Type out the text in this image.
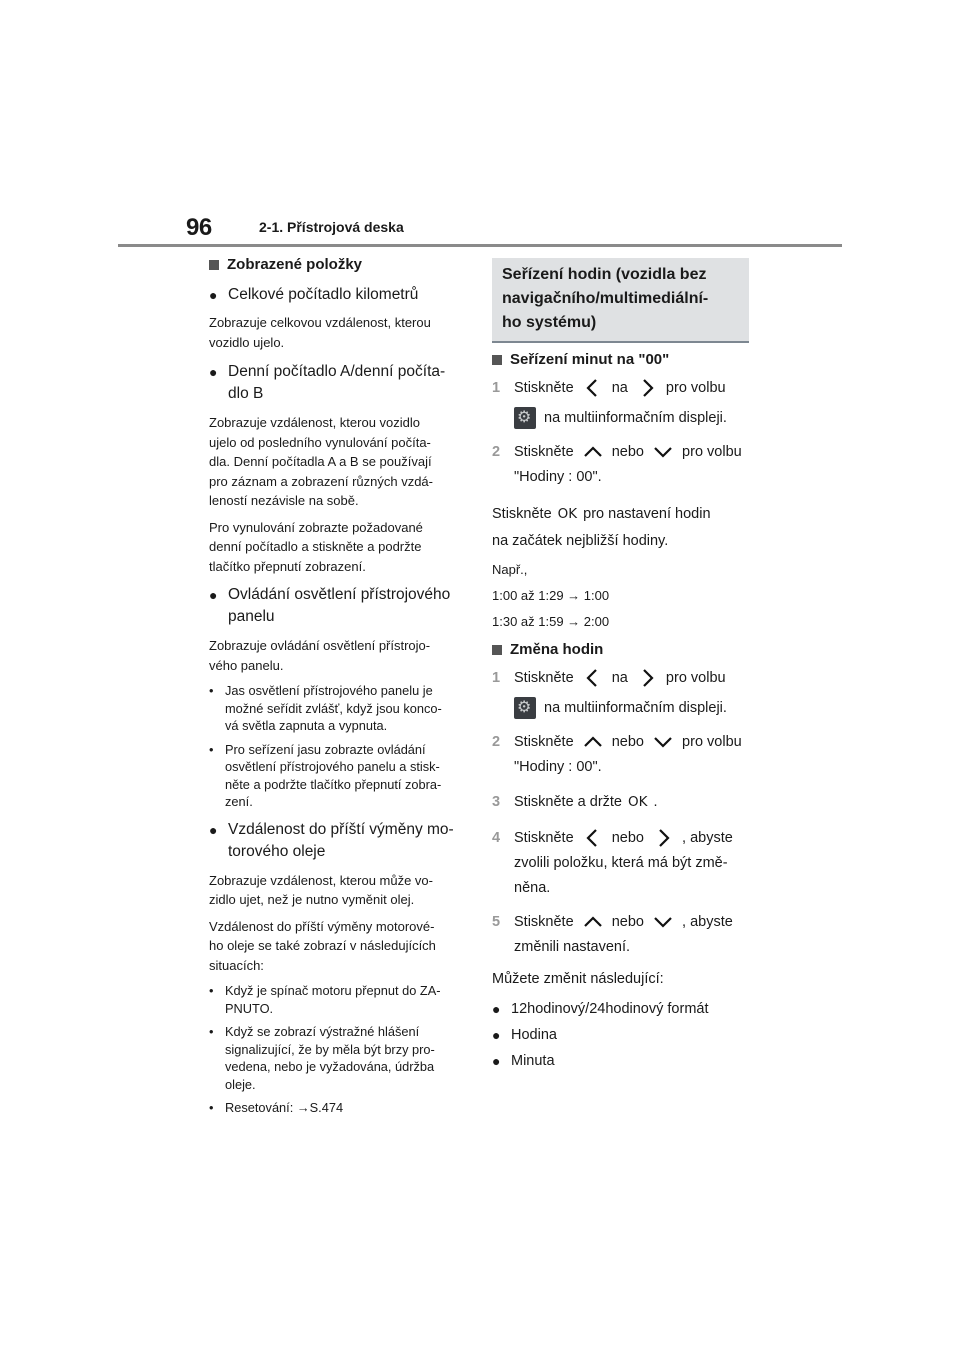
96	2-1. Přístrojová deska
Zobrazené položky
● Celkové počítadlo kilometrů
Zobrazuje celkovou vzdálenost, kterou
vozidlo ujelo.
● Denní počítadlo A/denní počíta-
dlo B
Zobrazuje vzdálenost, kterou vozidlo
ujelo od posledního vynulování počíta-
dla. Denní počítadla A a B se používají
pro záznam a zobrazení různých vzdá-
leností nezávisle na sobě.
Pro vynulování zobrazte požadované
denní počítadlo a stiskněte a podržte
tlačítko přepnutí zobrazení.
● Ovládání osvětlení přístrojového
panelu
Zobrazuje ovládání osvětlení přístrojo-
vého panelu.
• Jas osvětlení přístrojového panelu je
možné seřídit zvlášť, když jsou konco-
vá světla zapnuta a vypnuta.
• Pro seřízení jasu zobrazte ovládání
osvětlení přístrojového panelu a stisk-
něte a podržte tlačítko přepnutí zobra-
zení.
● Vzdálenost do příští výměny mo-
torového oleje
Zobrazuje vzdálenost, kterou může vo-
zidlo ujet, než je nutno vyměnit olej.
Vzdálenost do příští výměny motorové-
ho oleje se také zobrazí v následujících
situacích:
• Když je spínač motoru přepnut do ZA-
PNUTO.
• Když se zobrazí výstražné hlášení
signalizující, že by měla být brzy pro-
vedena, nebo je vyžadována, údržba
oleje.
• Resetování: →S.474
Seřízení hodin (vozidla bez
navigačního/multimediální-
ho systému)
Seřízení minut na "00"
1 Stiskněte	na	pro volbu
⚙na multiinformačním displeji.
2 Stiskněte	nebo	pro volbu
"Hodiny : 00".
Stiskněte OK pro nastavení hodin
na začátek nejbližší hodiny.
Např.,
1:00 až 1:29 → 1:00
1:30 až 1:59 → 2:00
Změna hodin
1 Stiskněte	na	pro volbu
⚙na multiinformačním displeji.
2 Stiskněte	nebo	pro volbu
"Hodiny : 00".
3 Stiskněte a držte OK .
4 Stiskněte	nebo	, abyste
zvolili položku, která má být změ-
něna.
5 Stiskněte	nebo	, abyste
změnili nastavení.
Můžete změnit následující:
● 12hodinový/24hodinový formát
● Hodina
● Minuta
